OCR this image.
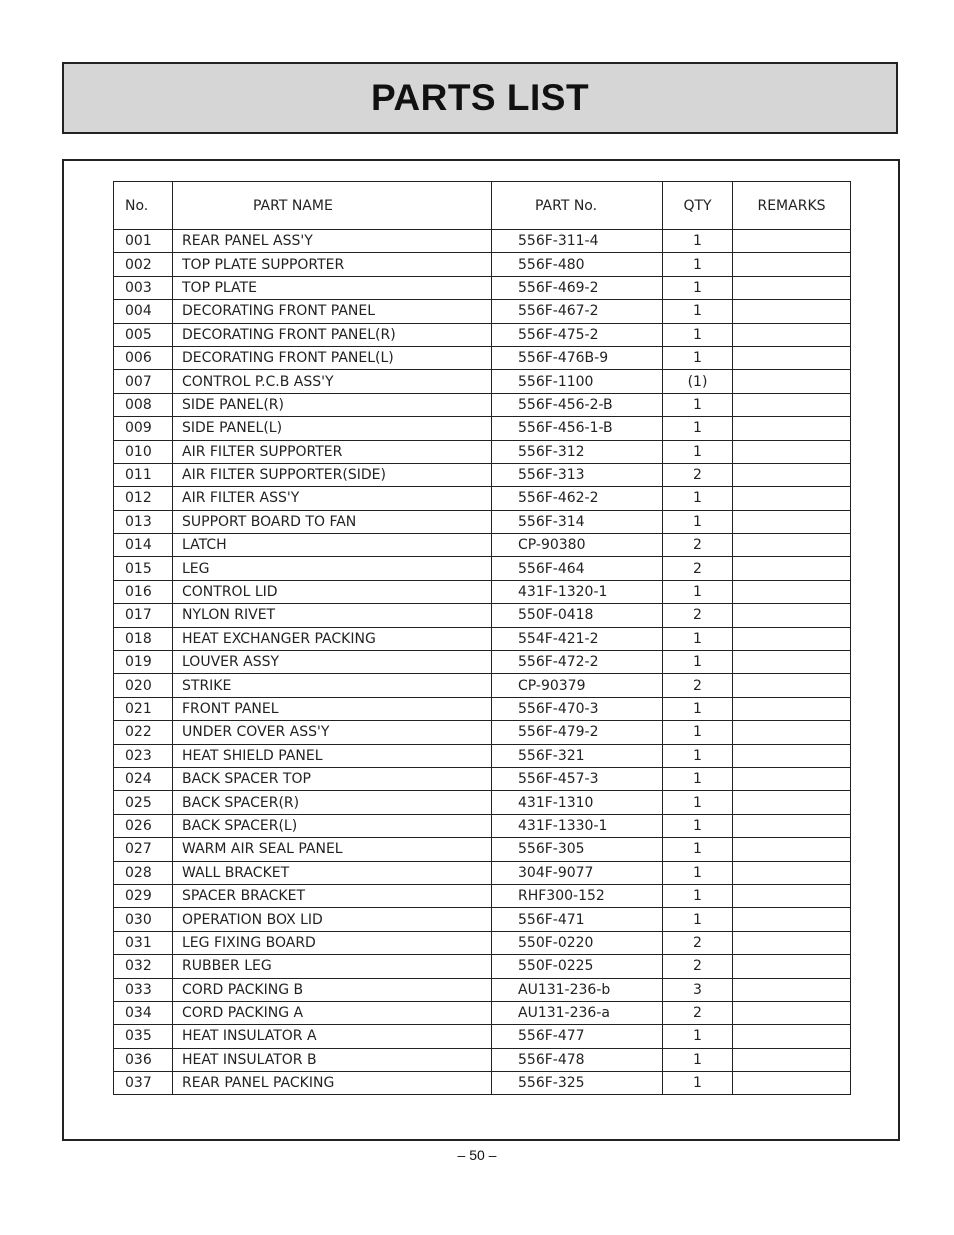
PARTS LIST
No.	PART NAME	PART No.	QTY	REMARKS
001	REAR PANEL ASS'Y	556F-311-4	1	
002	TOP PLATE SUPPORTER	556F-480	1	
003	TOP PLATE	556F-469-2	1	
004	DECORATING FRONT PANEL	556F-467-2	1	
005	DECORATING FRONT PANEL(R)	556F-475-2	1	
006	DECORATING FRONT PANEL(L)	556F-476B-9	1	
007	CONTROL P.C.B ASS'Y	556F-1100	(1)	
008	SIDE PANEL(R)	556F-456-2-B	1	
009	SIDE PANEL(L)	556F-456-1-B	1	
010	AIR FILTER SUPPORTER	556F-312	1	
011	AIR FILTER SUPPORTER(SIDE)	556F-313	2	
012	AIR FILTER ASS'Y	556F-462-2	1	
013	SUPPORT BOARD TO FAN	556F-314	1	
014	LATCH	CP-90380	2	
015	LEG	556F-464	2	
016	CONTROL LID	431F-1320-1	1	
017	NYLON RIVET	550F-0418	2	
018	HEAT EXCHANGER PACKING	554F-421-2	1	
019	LOUVER ASSY	556F-472-2	1	
020	STRIKE	CP-90379	2	
021	FRONT PANEL	556F-470-3	1	
022	UNDER COVER ASS'Y	556F-479-2	1	
023	HEAT SHIELD PANEL	556F-321	1	
024	BACK SPACER TOP	556F-457-3	1	
025	BACK SPACER(R)	431F-1310	1	
026	BACK SPACER(L)	431F-1330-1	1	
027	WARM AIR SEAL PANEL	556F-305	1	
028	WALL BRACKET	304F-9077	1	
029	SPACER BRACKET	RHF300-152	1	
030	OPERATION BOX LID	556F-471	1	
031	LEG FIXING BOARD	550F-0220	2	
032	RUBBER LEG	550F-0225	2	
033	CORD PACKING B	AU131-236-b	3	
034	CORD PACKING A	AU131-236-a	2	
035	HEAT INSULATOR A	556F-477	1	
036	HEAT INSULATOR B	556F-478	1	
037	REAR PANEL PACKING	556F-325	1	
– 50 –
